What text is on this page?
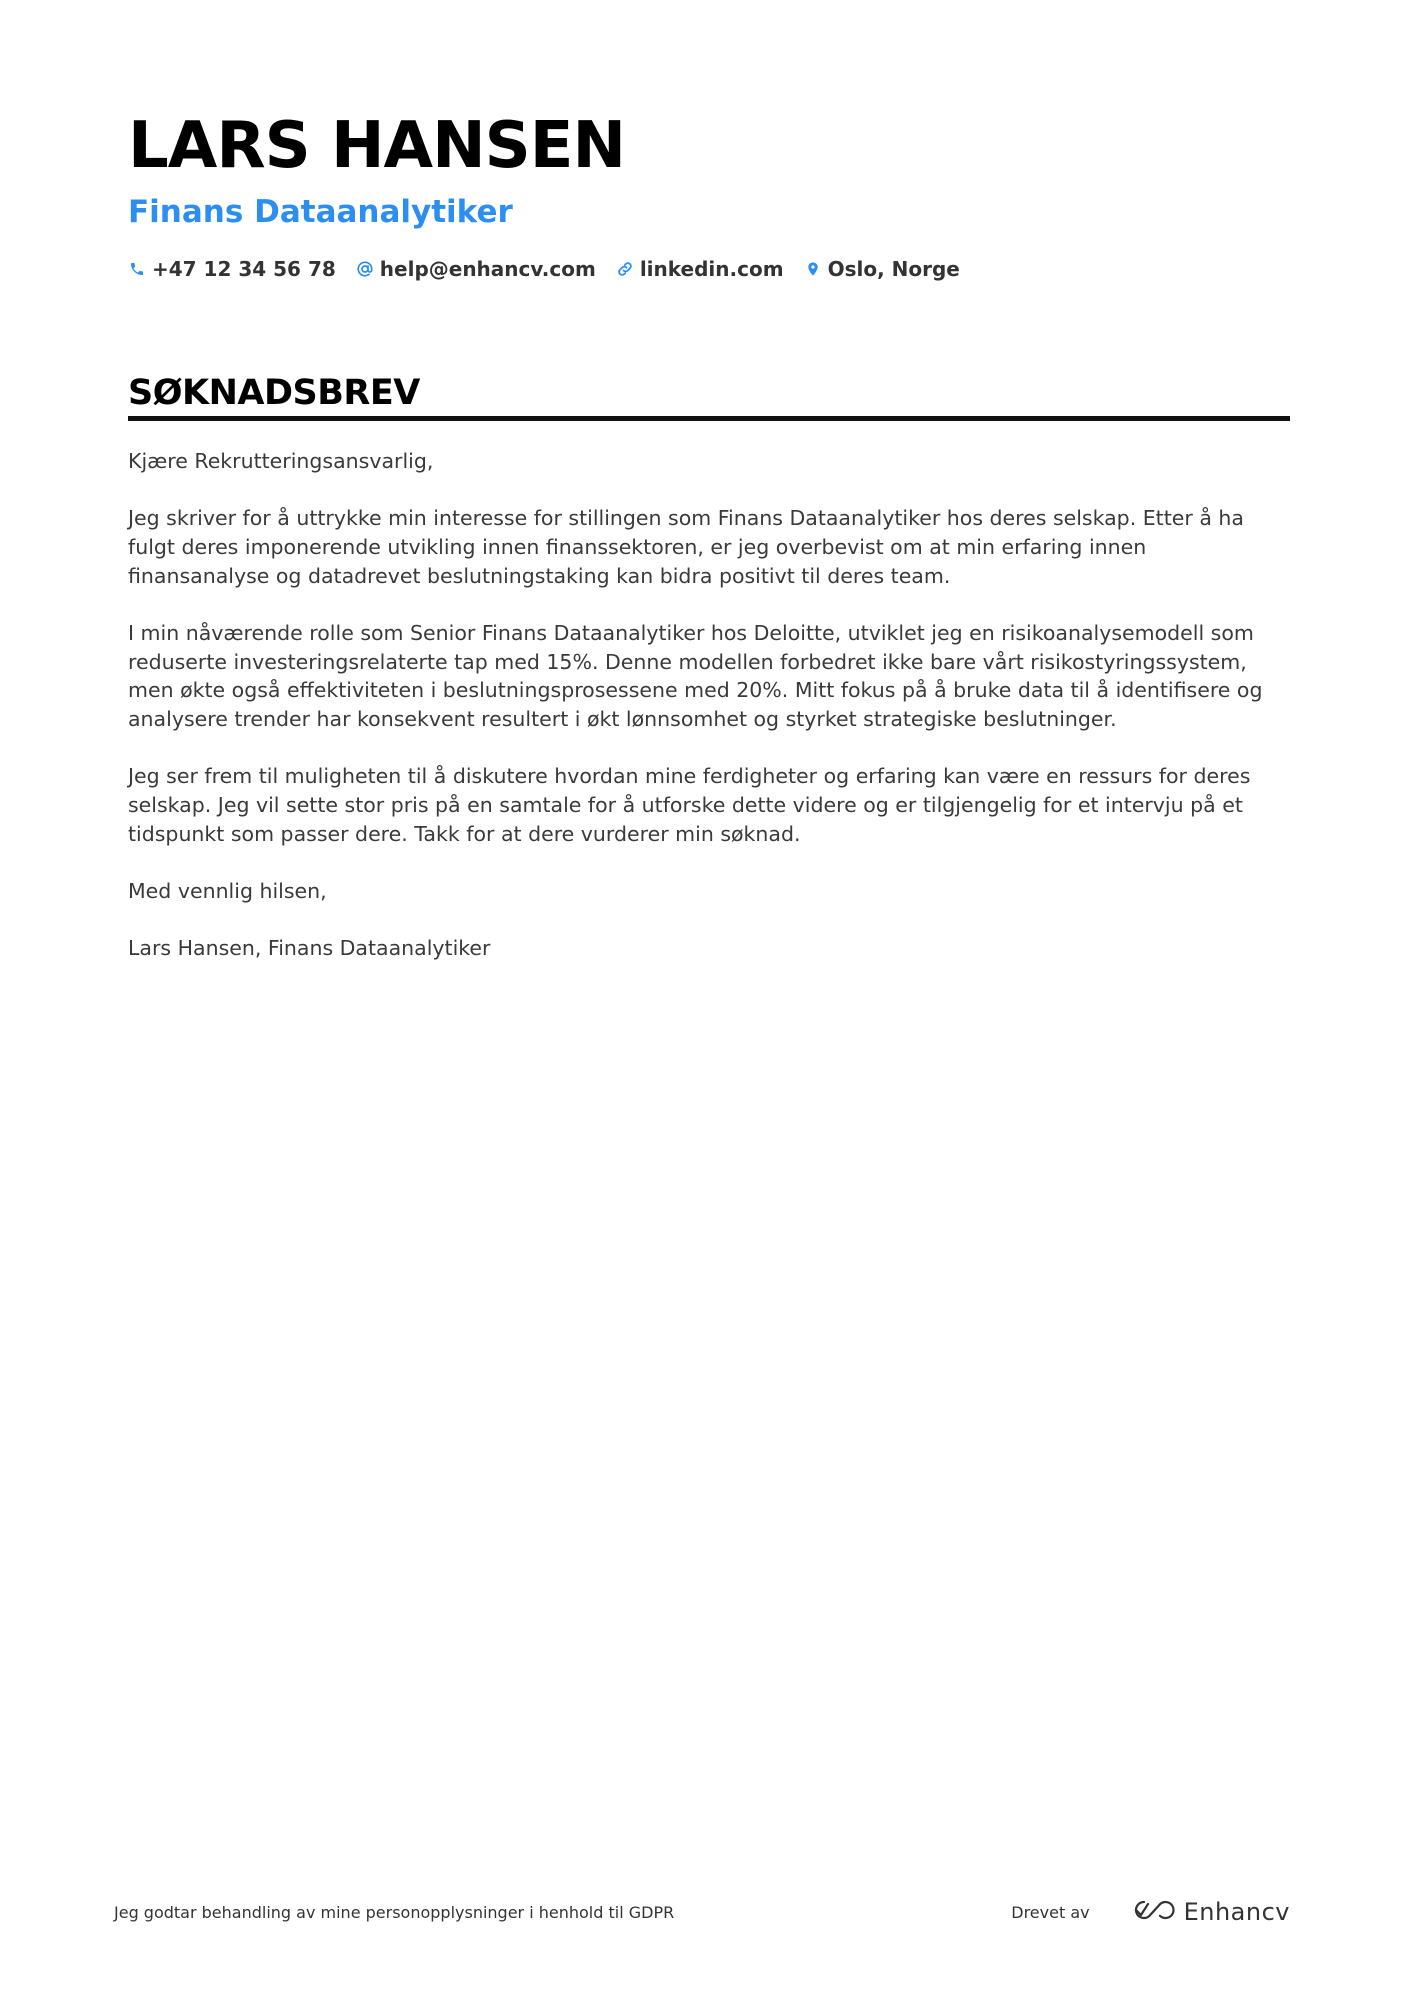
LARS HANSEN
Finans Dataanalytiker
+47 12 34 56 78 help@enhancv.com linkedin.com Oslo, Norge
SØKNADSBREV

Kjære Rekrutteringsansvarlig,

Jeg skriver for å uttrykke min interesse for stillingen som Finans Dataanalytiker hos deres selskap. Etter å ha fulgt deres imponerende utvikling innen finanssektoren, er jeg overbevist om at min erfaring innen finansanalyse og datadrevet beslutningstaking kan bidra positivt til deres team.

I min nåværende rolle som Senior Finans Dataanalytiker hos Deloitte, utviklet jeg en risikoanalysemodell som reduserte investeringsrelaterte tap med 15%. Denne modellen forbedret ikke bare vårt risikostyringssystem, men økte også effektiviteten i beslutningsprosessene med 20%. Mitt fokus på å bruke data til å identifisere og analysere trender har konsekvent resultert i økt lønnsomhet og styrket strategiske beslutninger.

Jeg ser frem til muligheten til å diskutere hvordan mine ferdigheter og erfaring kan være en ressurs for deres selskap. Jeg vil sette stor pris på en samtale for å utforske dette videre og er tilgjengelig for et intervju på et tidspunkt som passer dere. Takk for at dere vurderer min søknad.

Med vennlig hilsen,

Lars Hansen, Finans Dataanalytiker

Jeg godtar behandling av mine personopplysninger i henhold til GDPR	Drevet av	Enhancv
